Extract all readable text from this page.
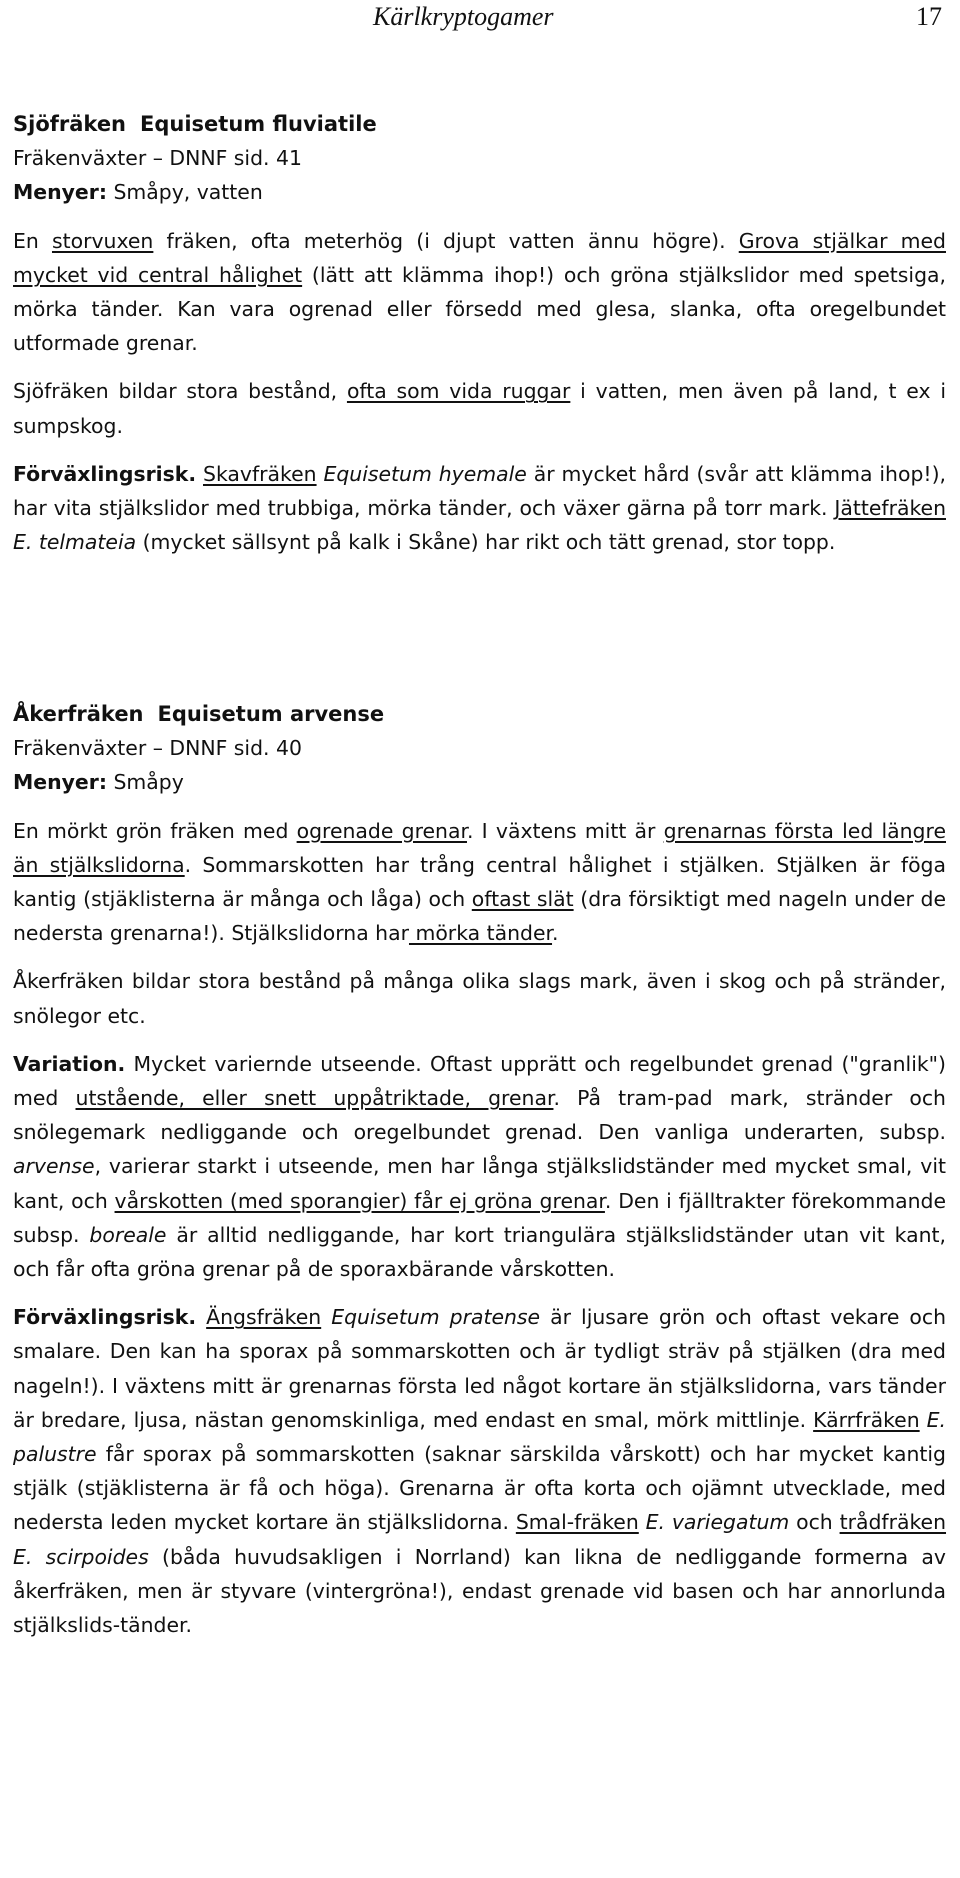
Kärlkryptogamer	17
Sjöfräken Equisetum fluviatile
Fräkenväxter – DNNF sid. 41
Menyer: Småpy, vatten

En storvuxen fräken, ofta meterhög (i djupt vatten ännu högre). Grova stjälkar med mycket vid central hålighet (lätt att klämma ihop!) och gröna stjälkslidor med spetsiga, mörka tänder. Kan vara ogrenad eller försedd med glesa, slanka, ofta oregelbundet utformade grenar.

Sjöfräken bildar stora bestånd, ofta som vida ruggar i vatten, men även på land, t ex i sumpskog.

Förväxlingsrisk. Skavfräken Equisetum hyemale är mycket hård (svår att klämma ihop!), har vita stjälkslidor med trubbiga, mörka tänder, och växer gärna på torr mark. Jättefräken E. telmateia (mycket sällsynt på kalk i Skåne) har rikt och tätt grenad, stor topp.

Åkerfräken Equisetum arvense
Fräkenväxter – DNNF sid. 40
Menyer: Småpy

En mörkt grön fräken med ogrenade grenar. I växtens mitt är grenarnas första led längre än stjälkslidorna. Sommarskotten har trång central hålighet i stjälken. Stjälken är föga kantig (stjäklisterna är många och låga) och oftast slät (dra försiktigt med nageln under de nedersta grenarna!). Stjälkslidorna har mörka tänder.

Åkerfräken bildar stora bestånd på många olika slags mark, även i skog och på stränder, snölegor etc.

Variation. Mycket variernde utseende. Oftast upprätt och regelbundet grenad ("granlik") med utstående, eller snett uppåtriktade, grenar. På tram-pad mark, stränder och snölegemark nedliggande och oregelbundet grenad. Den vanliga underarten, subsp. arvense, varierar starkt i utseende, men har långa stjälkslidständer med mycket smal, vit kant, och vårskotten (med sporangier) får ej gröna grenar. Den i fjälltrakter förekommande subsp. boreale är alltid nedliggande, har kort triangulära stjälkslidständer utan vit kant, och får ofta gröna grenar på de sporaxbärande vårskotten.

Förväxlingsrisk. Ängsfräken Equisetum pratense är ljusare grön och oftast vekare och smalare. Den kan ha sporax på sommarskotten och är tydligt sträv på stjälken (dra med nageln!). I växtens mitt är grenarnas första led något kortare än stjälkslidorna, vars tänder är bredare, ljusa, nästan genomskinliga, med endast en smal, mörk mittlinje. Kärrfräken E. palustre får sporax på sommarskotten (saknar särskilda vårskott) och har mycket kantig stjälk (stjäklisterna är få och höga). Grenarna är ofta korta och ojämnt utvecklade, med nedersta leden mycket kortare än stjälkslidorna. Smal-fräken E. variegatum och trådfräken E. scirpoides (båda huvudsakligen i Norrland) kan likna de nedliggande formerna av åkerfräken, men är styvare (vintergröna!), endast grenade vid basen och har annorlunda stjälkslids-tänder.
